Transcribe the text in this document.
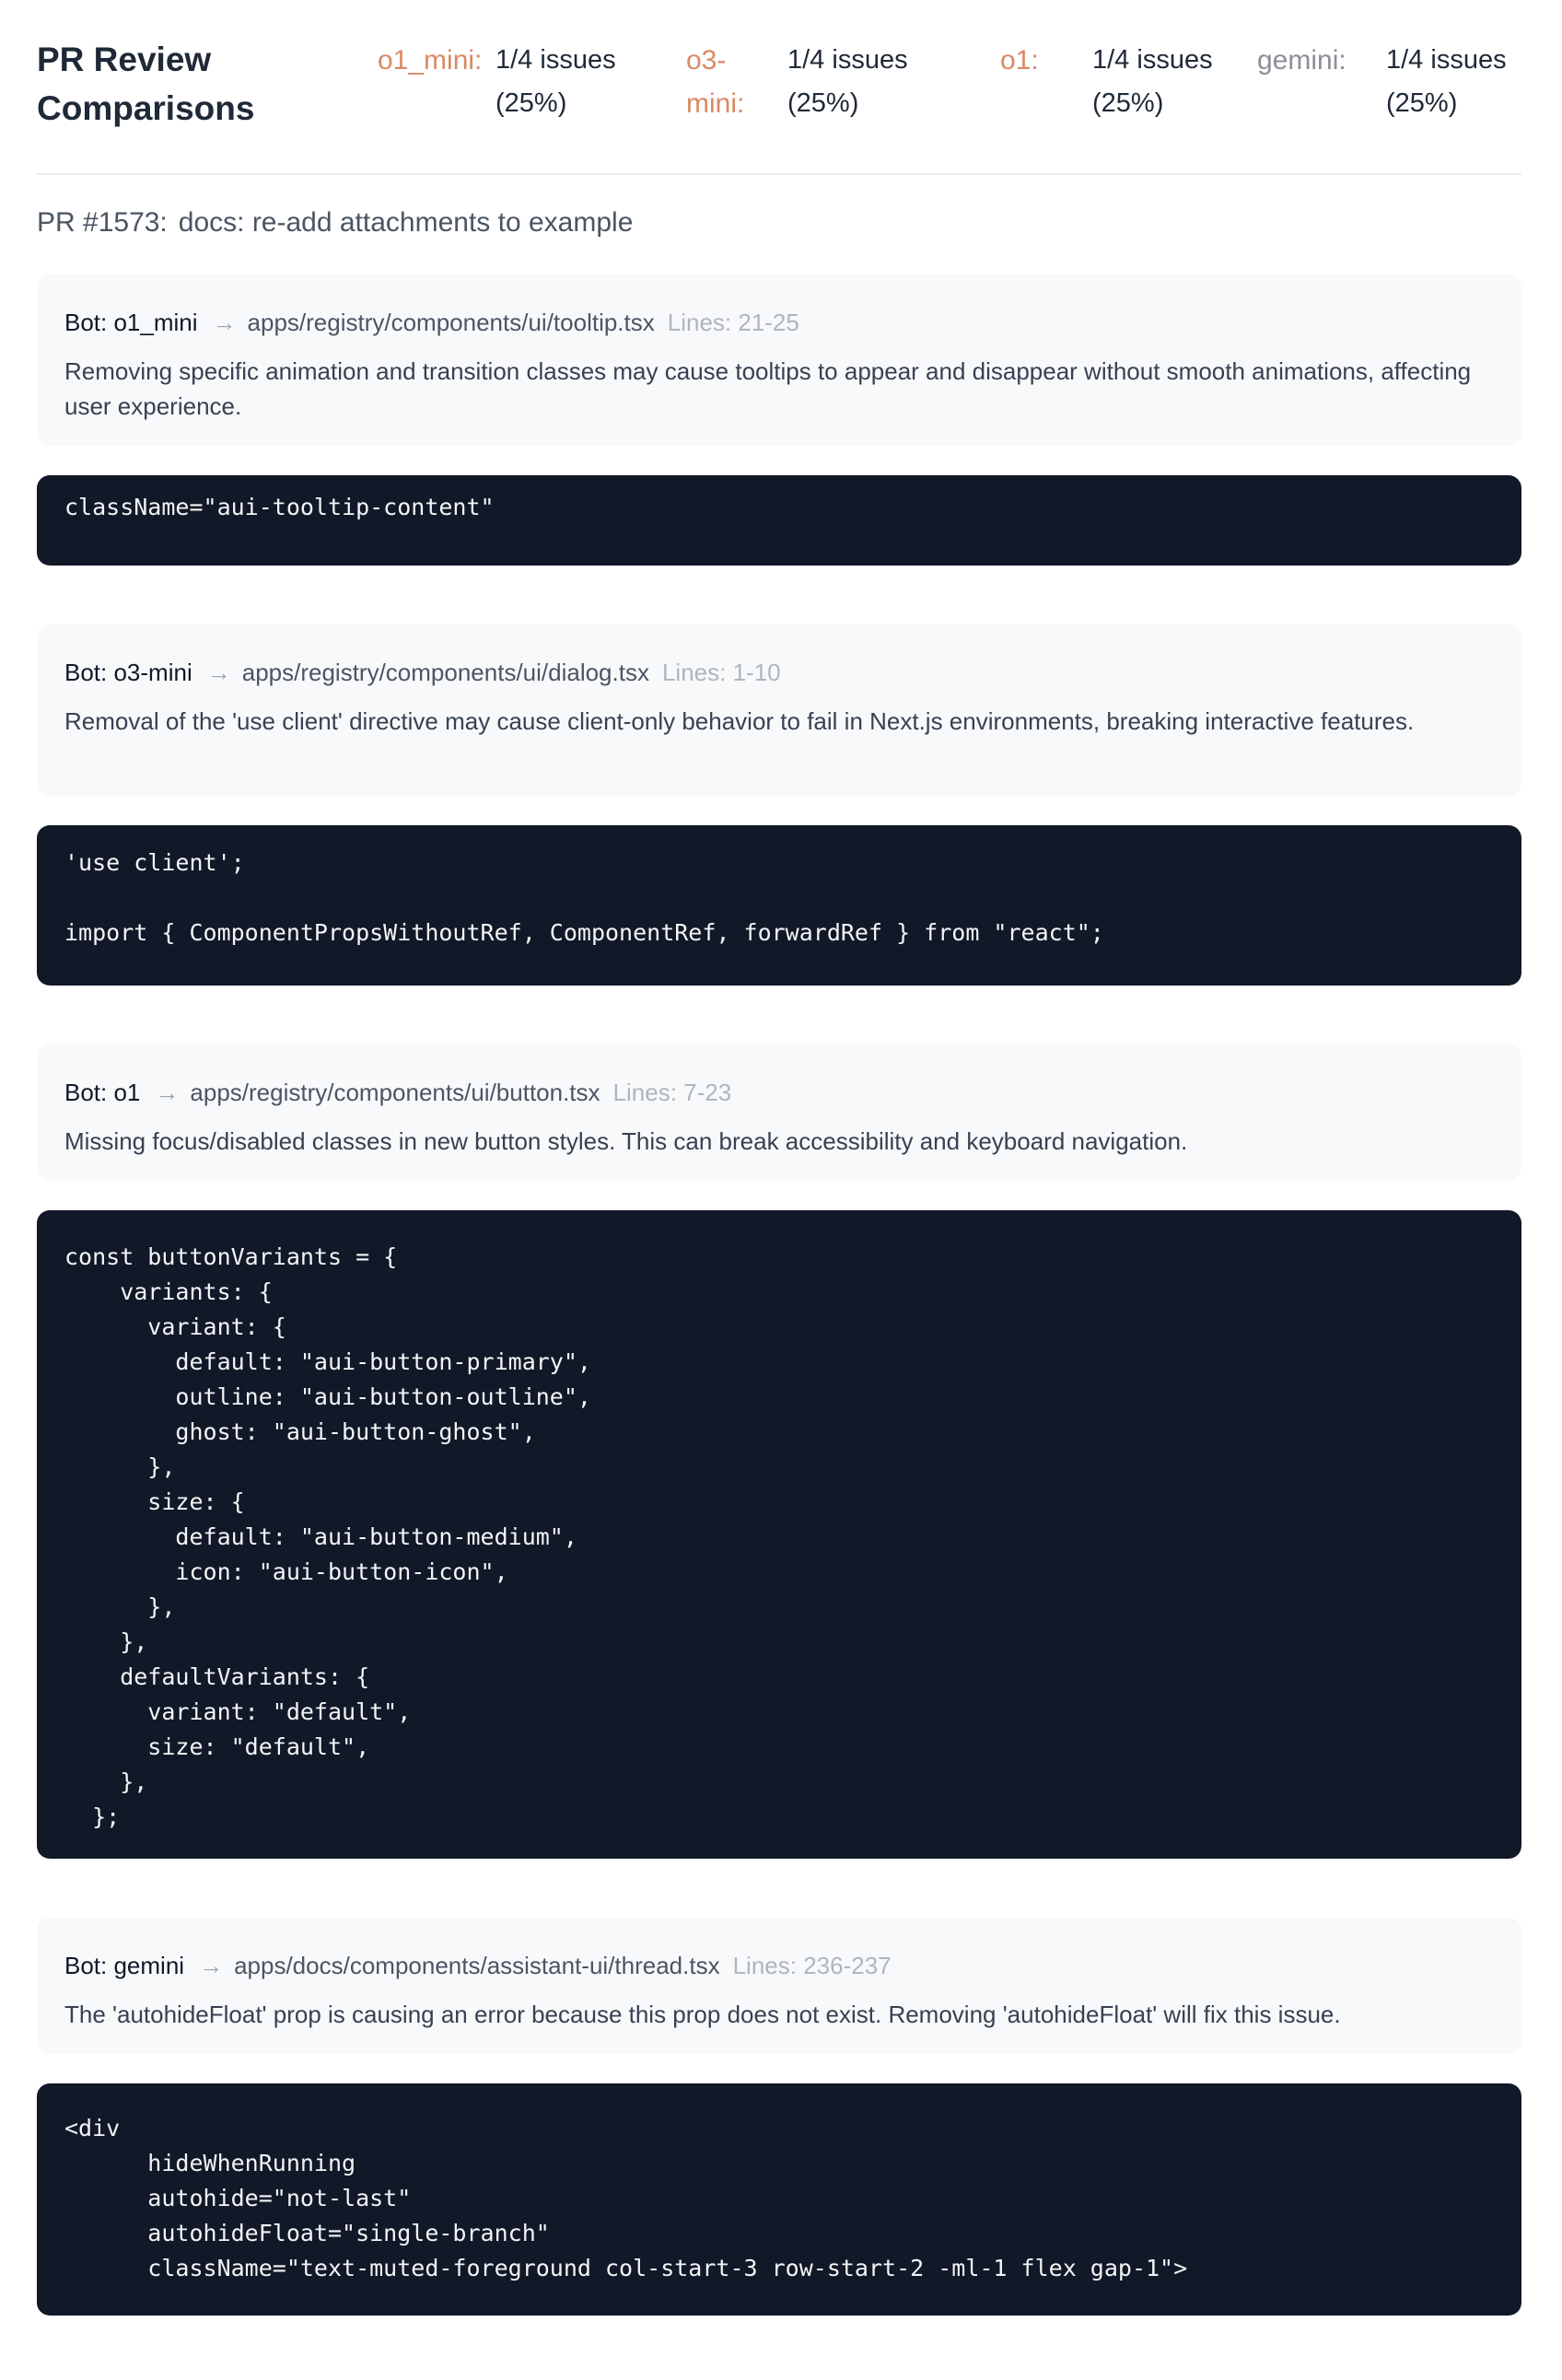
PR Review Comparisons
o1_mini: 1/4 issues (25%)
o3-mini:
1/4 issues (25%)
o1:	1/4 issues (25%)
gemini:	1/4 issues (25%)
PR #1573: docs: re-add attachments to example
Bot: o1_mini → apps/registry/components/ui/tooltip.tsx Lines: 21-25
Removing specific animation and transition classes may cause tooltips to appear and disappear without smooth animations, affecting user experience.
className="aui-tooltip-content"
Bot: o3-mini → apps/registry/components/ui/dialog.tsx Lines: 1-10
Removal of the 'use client' directive may cause client-only behavior to fail in Next.js environments, breaking interactive features.
'use client';

import { ComponentPropsWithoutRef, ComponentRef, forwardRef } from "react";
Bot: o1 → apps/registry/components/ui/button.tsx Lines: 7-23
Missing focus/disabled classes in new button styles. This can break accessibility and keyboard navigation.
const buttonVariants = {
variants: {
variant: {
default: "aui-button-primary",
outline: "aui-button-outline",
ghost: "aui-button-ghost",
},
size: {
default: "aui-button-medium",
icon: "aui-button-icon",
},
},
defaultVariants: {
variant: "default",
size: "default",
},
};
Bot: gemini → apps/docs/components/assistant-ui/thread.tsx Lines: 236-237
The 'autohideFloat' prop is causing an error because this prop does not exist. Removing 'autohideFloat' will fix this issue.
<div
hideWhenRunning
autohide="not-last"
autohideFloat="single-branch"
className="text-muted-foreground col-start-3 row-start-2 -ml-1 flex gap-1">
